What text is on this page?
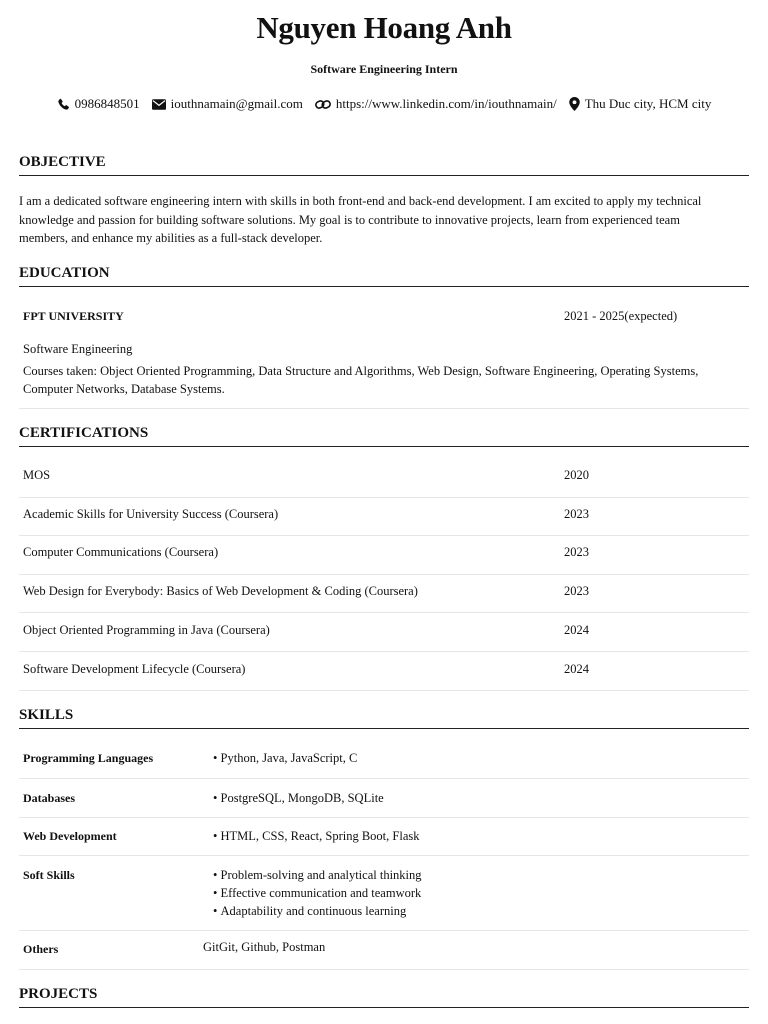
Nguyen Hoang Anh
Software Engineering Intern
0986848501 iouthnamain@gmail.com	https://www.linkedin.com/in/iouthnamain/ Thu Duc city, HCM city
OBJECTIVE
I am a dedicated software engineering intern with skills in both front-end and back-end development. I am excited to apply my technical
knowledge and passion for building software solutions. My goal is to contribute to innovative projects, learn from experienced team
members, and enhance my abilities as a full-stack developer.
EDUCATION
FPT UNIVERSITY	2021 - 2025(expected)
Software Engineering
Courses taken: Object Oriented Programming, Data Structure and Algorithms, Web Design, Software Engineering, Operating Systems,
Computer Networks, Database Systems.
CERTIFICATIONS
MOS	2020
Academic Skills for University Success (Coursera)	2023
Computer Communications (Coursera)	2023
Web Design for Everybody: Basics of Web Development & Coding (Coursera)	2023
Object Oriented Programming in Java (Coursera)	2024
Software Development Lifecycle (Coursera)	2024
SKILLS
Programming Languages	• Python, Java, JavaScript, C
Databases	• PostgreSQL, MongoDB, SQLite
Web Development	• HTML, CSS, React, Spring Boot, Flask
Soft Skills	• Problem-solving and analytical thinking
• Effective communication and teamwork
• Adaptability and continuous learning
Others	GitGit, Github, Postman
PROJECTS
